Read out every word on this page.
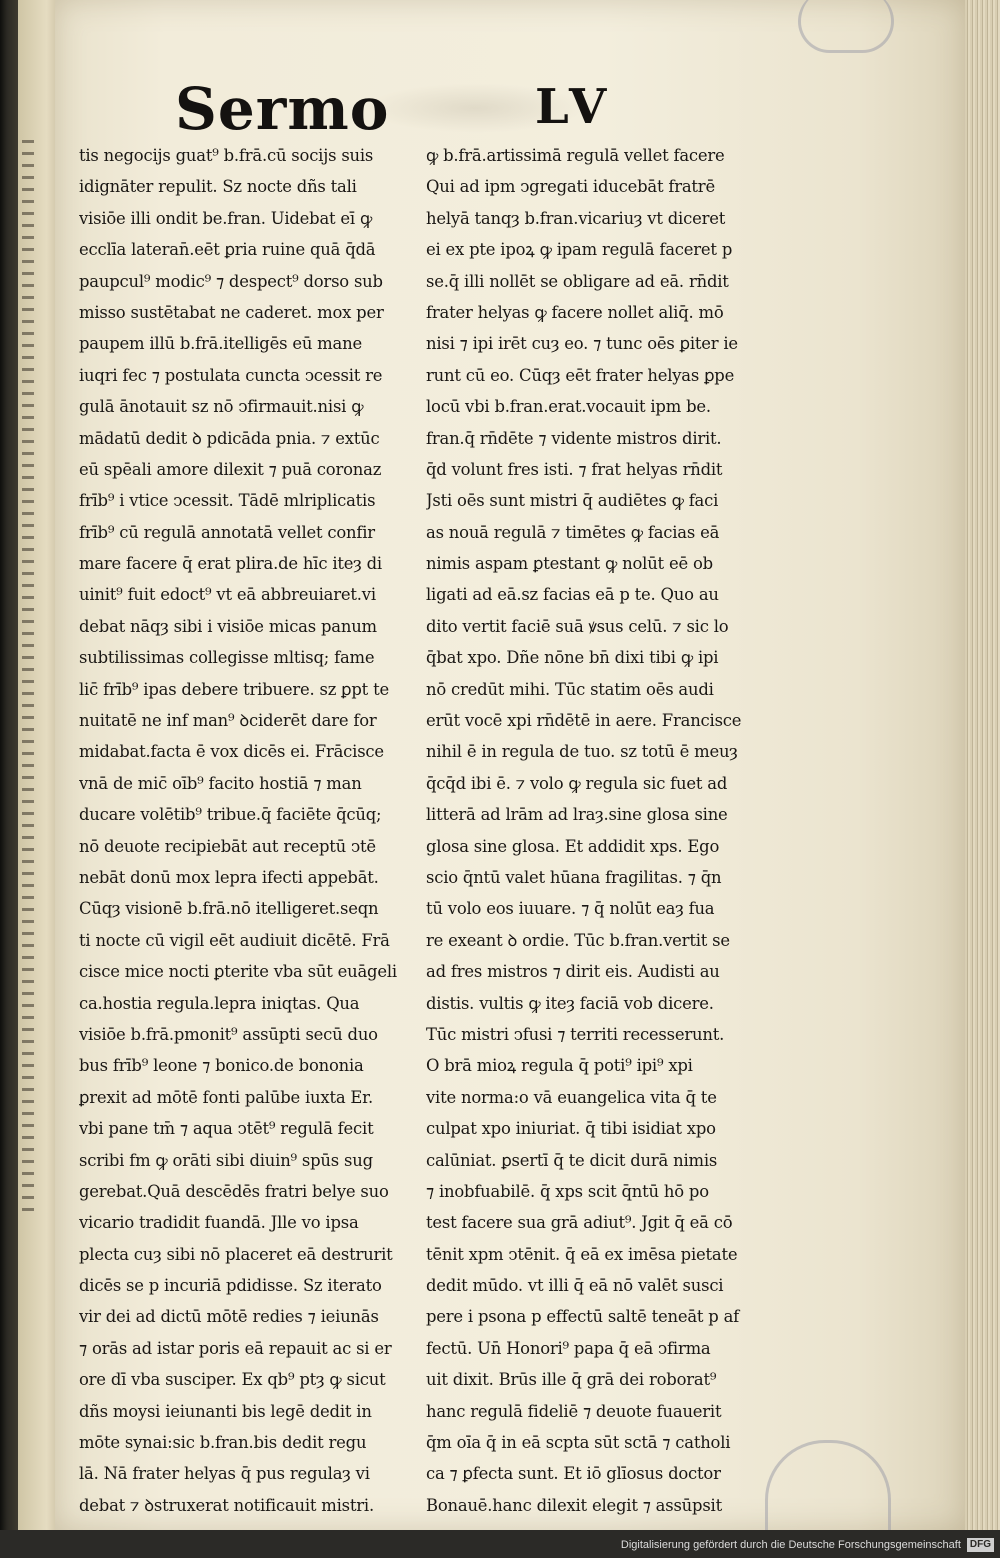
Sermo	LV
tis negocijs guat⁹ b.frā.cū socijs suis
idignāter repulit. Sz nocte dñs tali
visiōe illi ondit be.fran. Uidebat eī ꝙ
ecclīa lateran̄.eēt ꝑria ruine quā q̄dā
paupcul⁹ modic⁹ ⁊ despect⁹ dorso sub
misso sustētabat ne caderet. mox per
paupem illū b.frā.itelligēs eū mane
iuqri fec ⁊ postulata cuncta ↄcessit re
gulā ānotauit sz nō ↄfirmauit.nisi ꝙ
mādatū dedit ꝺ pdicāda pnia. ⁊ extūc
eū spēali amore dilexit ⁊ puā coronaz
frīb⁹ i vtice ↄcessit. Tādē mlriplicatis
frīb⁹ cū regulā annotatā vellet confir
mare facere q̄ erat plira.de hīc iteȝ di
uinit⁹ fuit edoct⁹ vt eā abbreuiaret.vi
debat nāqȝ sibi i visiōe micas panum
subtilissimas collegisse mltisq; fame
lic̄ frīb⁹ ipas debere tribuere. sz ꝑpt te
nuitatē ne inf man⁹ ꝺciderēt dare for
midabat.facta ē vox dicēs ei. Frācisce
vnā de mic̄ oīb⁹ facito hostiā ⁊ man
ducare volētib⁹ tribue.q̄ faciēte q̄cūq;
nō deuote recipiebāt aut receptū ↄtē
nebāt donū mox lepra ifecti appebāt.
Cūqȝ visionē b.frā.nō itelligeret.seqn
ti nocte cū vigil eēt audiuit dicētē. Frā
cisce mice nocti ꝑterite vba sūt euāgeli
ca.hostia regula.lepra iniqtas. Qua
visiōe b.frā.pmonit⁹ assūpti secū duo
bus frīb⁹ leone ⁊ bonico.de bononia
ꝑrexit ad mōtē fonti palūbe iuxta Er.
vbi pane tm̄ ⁊ aqua ↄtēt⁹ regulā fecit
scribi fm ꝙ orāti sibi diuin⁹ spūs sug
gerebat.Quā descēdēs fratri belye suo
vicario tradidit fuandā. Jlle vo ipsa
plecta cuȝ sibi nō placeret eā destrurit
dicēs se p incuriā pdidisse. Sz iterato
vir dei ad dictū mōtē redies ⁊ ieiunās
⁊ orās ad istar poris eā repauit ac si er
ore dī vba susciper. Ex qb⁹ ptȝ ꝙ sicut
dñs moysi ieiunanti bis legē dedit in
mōte synai:sic b.fran.bis dedit regu
lā. Nā frater helyas q̄ pus regulaȝ vi
debat ⁊ ꝺstruxerat notificauit mistri.
ꝙ b.frā.artissimā regulā vellet facere
Qui ad ipm ↄgregati iducebāt fratrē
helyā tanqȝ b.fran.vicariuȝ vt diceret
ei ex pte ipoꝝ ꝙ ipam regulā faceret p
se.q̄ illi nollēt se obligare ad eā. rn̄dit
frater helyas ꝙ facere nollet aliq̄. mō
nisi ⁊ ipi irēt cuȝ eo. ⁊ tunc oēs ꝑiter ie
runt cū eo. Cūqȝ eēt frater helyas ꝑpe
locū vbi b.fran.erat.vocauit ipm be.
fran.q̄ rn̄dēte ⁊ vidente mistros dirit.
q̄d volunt fres isti. ⁊ frat helyas rn̄dit
Jsti oēs sunt mistri q̄ audiētes ꝙ faci
as nouā regulā ⁊ timētes ꝙ facias eā
nimis aspam ꝑtestant ꝙ nolūt eē ob
ligati ad eā.sz facias eā p te. Quo au
dito vertit faciē suā ꝟsus celū. ⁊ sic lo
q̄bat xpo. Dñe nōne bn̄ dixi tibi ꝙ ipi
nō credūt mihi. Tūc statim oēs audi
erūt vocē xpi rn̄dētē in aere. Francisce
nihil ē in regula de tuo. sz totū ē meuȝ
q̄cq̄d ibi ē. ⁊ volo ꝙ regula sic fuet ad
litterā ad lrām ad lraȝ.sine glosa sine
glosa sine glosa. Et addidit xps. Ego
scio q̄ntū valet hūana fragilitas. ⁊ q̄n
tū volo eos iuuare. ⁊ q̄ nolūt eaȝ fua
re exeant ꝺ ordie. Tūc b.fran.vertit se
ad fres mistros ⁊ dirit eis. Audisti au
distis. vultis ꝙ iteȝ faciā vob dicere.
Tūc mistri ↄfusi ⁊ territi recesserunt.
O brā mioꝝ regula q̄ poti⁹ ipi⁹ xpi
vite norma:o vā euangelica vita q̄ te
culpat xpo iniuriat. q̄ tibi isidiat xpo
calūniat. ꝑsertī q̄ te dicit durā nimis
⁊ inobfuabilē. q̄ xps scit q̄ntū hō po
test facere sua grā adiut⁹. Jgit q̄ eā cō
tēnit xpm ↄtēnit. q̄ eā ex imēsa pietate
dedit mūdo. vt illi q̄ eā nō valēt susci
pere i psona p effectū saltē teneāt p af
fectū. Un̄ Honori⁹ papa q̄ eā ↄfirma
uit dixit. Brūs ille q̄ grā dei roborat⁹
hanc regulā fideliē ⁊ deuote fuauerit
q̄m oīa q̄ in eā scpta sūt sctā ⁊ catholi
ca ⁊ ꝑfecta sunt. Et iō glīosus doctor
Bonauē.hanc dilexit elegit ⁊ assūpsit
Digitalisierung gefördert durch die Deutsche Forschungsgemeinschaft DFG
